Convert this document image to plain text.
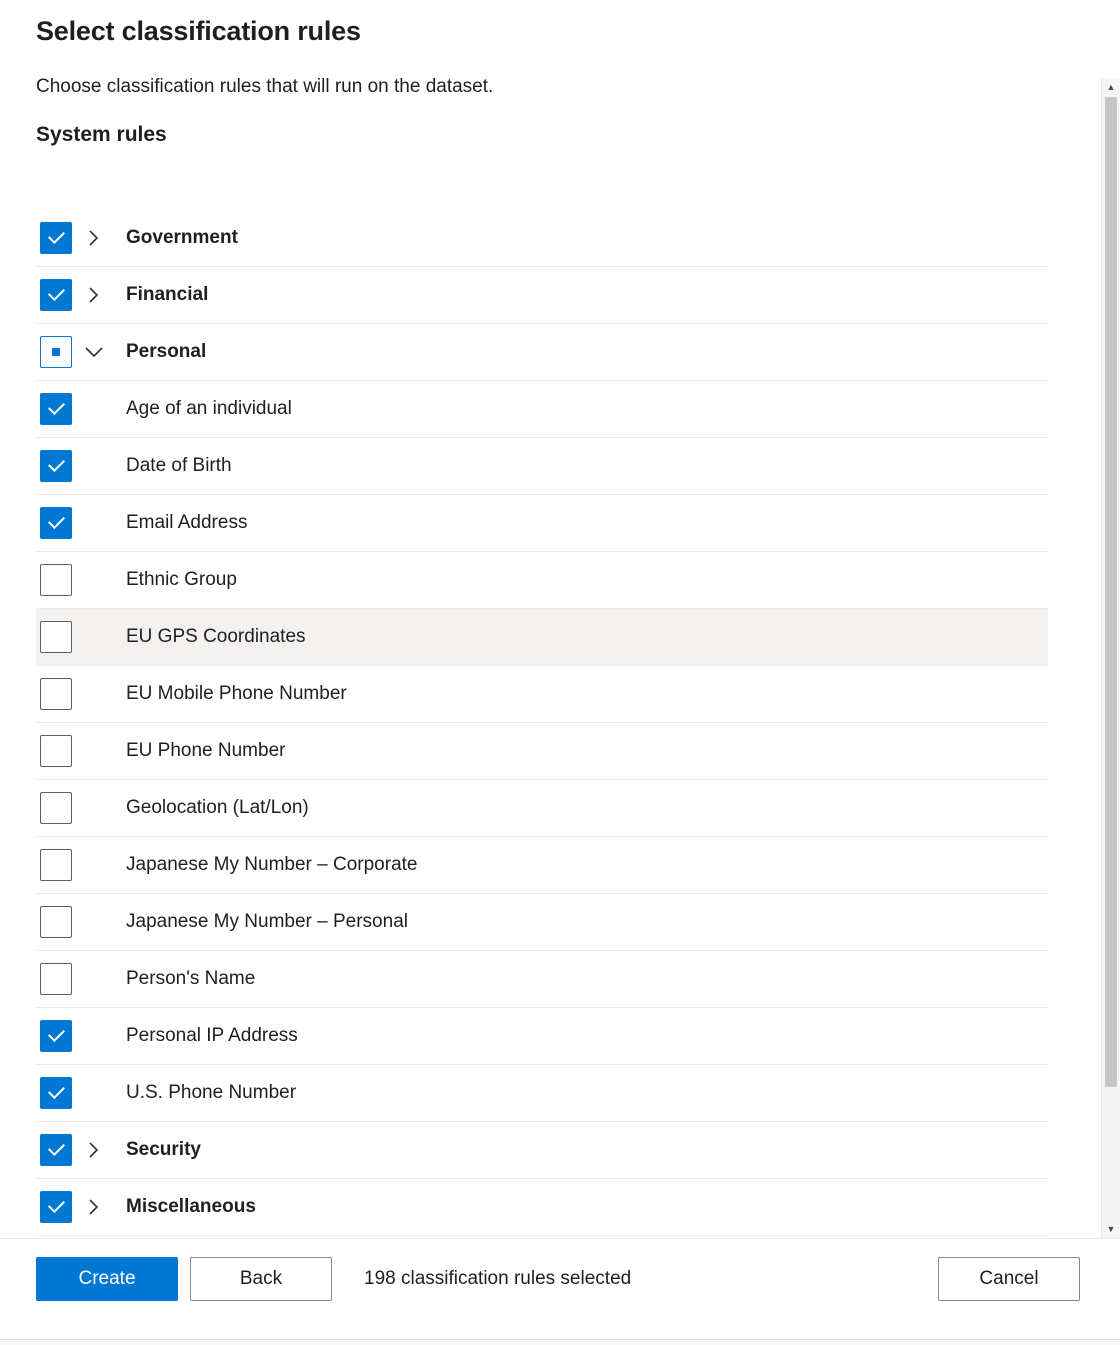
Select classification rules
Choose classification rules that will run on the dataset.
System rules
Government
Financial
Personal
Age of an individual
Date of Birth
Email Address
Ethnic Group
EU GPS Coordinates
EU Mobile Phone Number
EU Phone Number
Geolocation (Lat/Lon)
Japanese My Number – Corporate
Japanese My Number – Personal
Person's Name
Personal IP Address
U.S. Phone Number
Security
Miscellaneous
▲
▼
Create	Back	198 classification rules selected	Cancel
